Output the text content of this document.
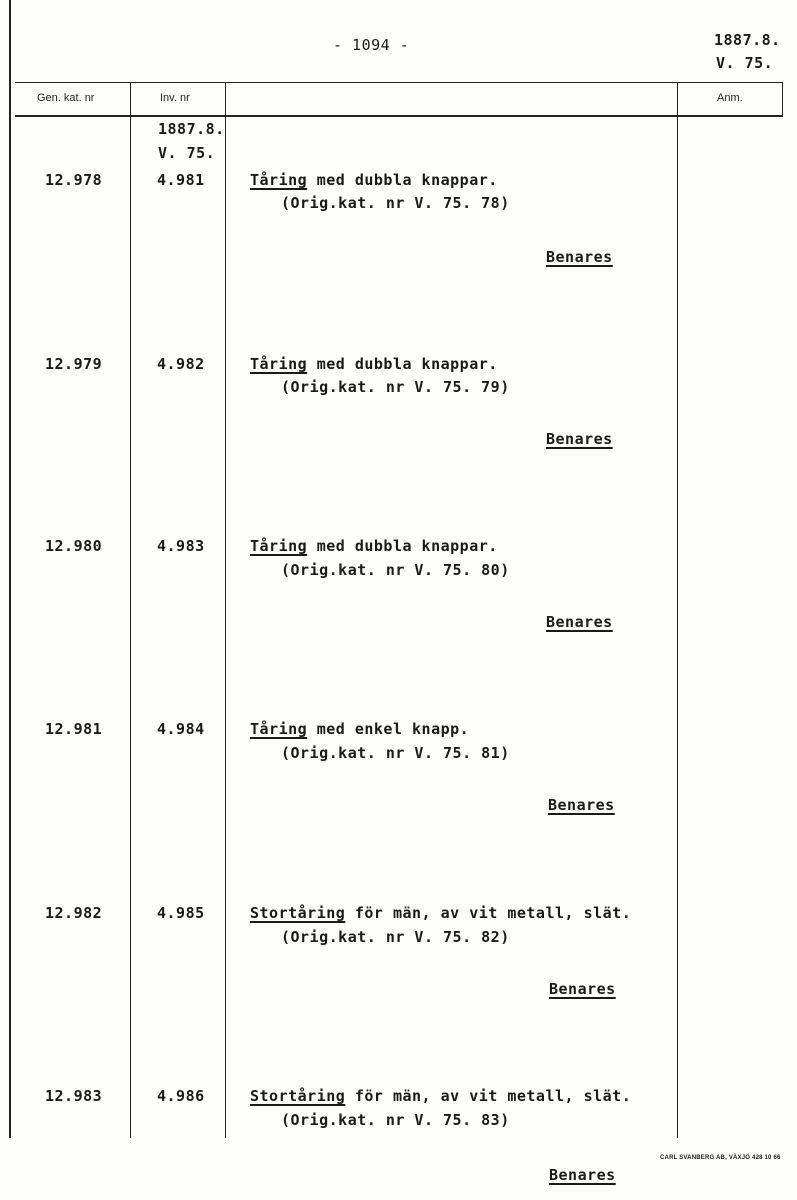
- 1094 -	1887.8.
V. 75.
Gen. kat. nr	Inv. nr	Anm.
1887.8.
V. 75.
12.978	4.981	Tåring med dubbla knappar.
(Orig.kat. nr V. 75. 78)
Benares
12.979	4.982	Tåring med dubbla knappar.
(Orig.kat. nr V. 75. 79)
Benares
12.980	4.983	Tåring med dubbla knappar.
(Orig.kat. nr V. 75. 80)
Benares
12.981	4.984	Tåring med enkel knapp.
(Orig.kat. nr V. 75. 81)
Benares
12.982	4.985	Stortåring för män, av vit metall, slät.
(Orig.kat. nr V. 75. 82)
Benares
12.983	4.986	Stortåring för män, av vit metall, slät.
(Orig.kat. nr V. 75. 83)
Benares
CARL SVANBERG AB, VÄXJÖ 428 10 66
